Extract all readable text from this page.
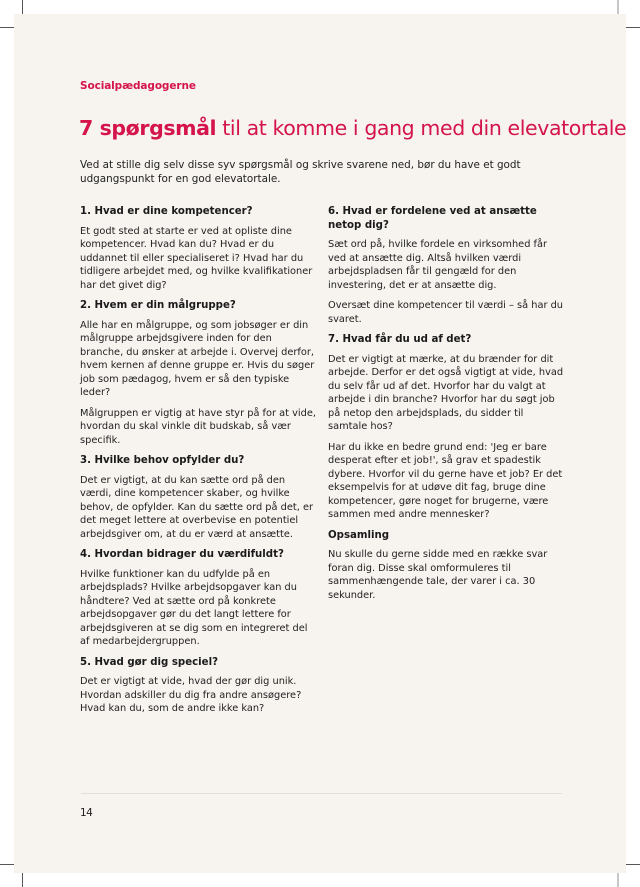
Socialpædagogerne
7 spørgsmål til at komme i gang med din elevatortale
Ved at stille dig selv disse syv spørgsmål og skrive svarene ned, bør du have et godt udgangspunkt for en god elevatortale.
1. Hvad er dine kompetencer?

Et godt sted at starte er ved at opliste dine kompetencer. Hvad kan du? Hvad er du uddannet til eller specialiseret i? Hvad har du tidligere arbejdet med, og hvilke kvalifikationer har det givet dig?

2. Hvem er din målgruppe?

Alle har en målgruppe, og som jobsøger er din målgruppe arbejdsgivere inden for den branche, du ønsker at arbejde i. Overvej derfor, hvem kernen af denne gruppe er. Hvis du søger job som pædagog, hvem er så den typiske leder?

Målgruppen er vigtig at have styr på for at vide, hvordan du skal vinkle dit budskab, så vær specifik.

3. Hvilke behov opfylder du?

Det er vigtigt, at du kan sætte ord på den værdi, dine kompetencer skaber, og hvilke behov, de opfylder. Kan du sætte ord på det, er det meget lettere at overbevise en potentiel arbejdsgiver om, at du er værd at ansætte.

4. Hvordan bidrager du værdifuldt?

Hvilke funktioner kan du udfylde på en arbejdsplads? Hvilke arbejdsopgaver kan du håndtere? Ved at sætte ord på konkrete arbejdsopgaver gør du det langt lettere for arbejdsgiveren at se dig som en integreret del af medarbejdergruppen.

5. Hvad gør dig speciel?

Det er vigtigt at vide, hvad der gør dig unik. Hvordan adskiller du dig fra andre ansøgere? Hvad kan du, som de andre ikke kan?

6. Hvad er fordelene ved at ansætte netop dig?

Sæt ord på, hvilke fordele en virksomhed får ved at ansætte dig. Altså hvilken værdi arbejdspladsen får til gengæld for den investering, det er at ansætte dig.

Oversæt dine kompetencer til værdi – så har du svaret.

7. Hvad får du ud af det?

Det er vigtigt at mærke, at du brænder for dit arbejde. Derfor er det også vigtigt at vide, hvad du selv får ud af det. Hvorfor har du valgt at arbejde i din branche? Hvorfor har du søgt job på netop den arbejdsplads, du sidder til samtale hos?

Har du ikke en bedre grund end: 'Jeg er bare desperat efter et job!', så grav et spadestik dybere. Hvorfor vil du gerne have et job? Er det eksempelvis for at udøve dit fag, bruge dine kompetencer, gøre noget for brugerne, være sammen med andre mennesker?

Opsamling

Nu skulle du gerne sidde med en række svar foran dig. Disse skal omformuleres til sammenhængende tale, der varer i ca. 30 sekunder.

14
